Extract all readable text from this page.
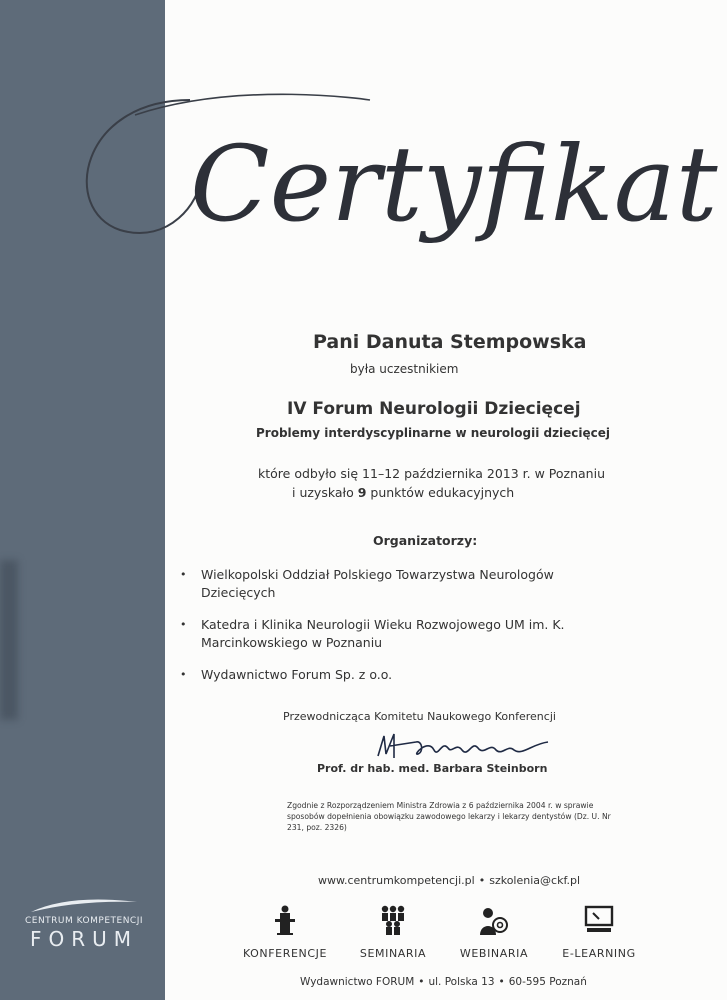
CENTRUM KOMPETENCJI
FORUM
Certyfikat
Pani Danuta Stempowska
była uczestnikiem
IV Forum Neurologii Dziecięcej
Problemy interdyscyplinarne w neurologii dziecięcej
które odbyło się 11–12 października 2013 r. w Poznaniu
i uzyskało 9 punktów edukacyjnych
Organizatorzy:
• Wielkopolski Oddział Polskiego Towarzystwa Neurologów Dziecięcych
• Katedra i Klinika Neurologii Wieku Rozwojowego UM im. K. Marcinkowskiego w Poznaniu
• Wydawnictwo Forum Sp. z o.o.
Przewodnicząca Komitetu Naukowego Konferencji
Prof. dr hab. med. Barbara Steinborn
Zgodnie z Rozporządzeniem Ministra Zdrowia z 6 października 2004 r. w sprawie sposobów dopełnienia obowiązku zawodowego lekarzy i lekarzy dentystów (Dz. U. Nr 231, poz. 2326)
www.centrumkompetencji.pl • szkolenia@ckf.pl
KONFERENCJE	SEMINARIA	WEBINARIA	E-LEARNING
Wydawnictwo FORUM • ul. Polska 13 • 60-595 Poznań
